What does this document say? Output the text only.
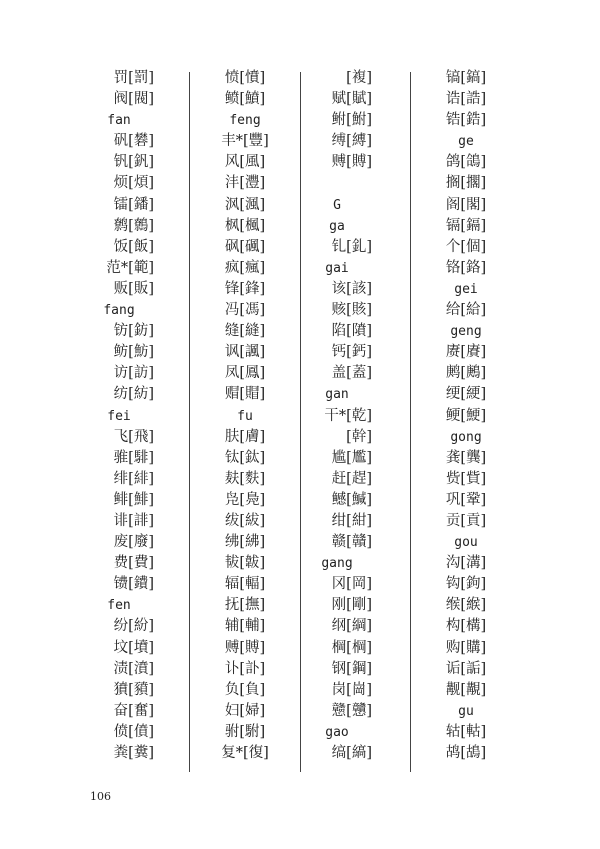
罚[罰]
阀[閥]
fan
矾[礬]
钒[釩]
烦[煩]
镭[鐇]
鹩[鷯]
饭[飯]
范*[範]
贩[販]
fang
钫[鈁]
鲂[魴]
访[訪]
纺[紡]
fei
飞[飛]
骓[騑]
绯[緋]
鲱[鯡]
诽[誹]
废[廢]
费[費]
镄[鐨]
fen
纷[紛]
坟[墳]
渍[濆]
獖[豶]
奋[奮]
偾[僨]
粪[糞]
愤[憤]
鲼[鱝]
feng
丰*[豐]
风[風]
沣[灃]
沨[渢]
枫[楓]
砜[碸]
疯[瘋]
锋[鋒]
冯[馮]
缝[縫]
讽[諷]
凤[鳳]
赗[賵]
fu
肤[膚]
钛[鈦]
麸[麩]
凫[鳧]
绂[紱]
绋[紼]
韨[韍]
辐[輻]
抚[撫]
辅[輔]
赙[賻]
讣[訃]
负[負]
妇[婦]
驸[駙]
复*[復]
[複]
赋[賦]
鲋[鮒]
缚[縛]
赙[賻]
G
ga
钆[釓]
gai
该[該]
赅[賅]
陷[隫]
钙[鈣]
盖[蓋]
gan
干*[乾]
[幹]
尴[尷]
赶[趕]
鳡[鰔]
绀[紺]
赣[贛]
gang
冈[岡]
刚[剛]
纲[綱]
棡[棡]
钢[鋼]
岗[崗]
戆[戇]
gao
缟[縞]
镐[鎬]
诰[誥]
锆[鋯]
ge
鸽[鴿]
搁[擱]
阁[閣]
镉[鎘]
个[個]
铬[鉻]
gei
给[給]
geng
赓[賡]
鹒[鶊]
绠[綆]
鲠[鯁]
gong
龚[龔]
赀[貲]
巩[鞏]
贡[貢]
gou
沟[溝]
钩[鉤]
缑[緱]
构[構]
购[購]
诟[詬]
觏[覯]
gu
轱[軲]
鸪[鴣]
106
